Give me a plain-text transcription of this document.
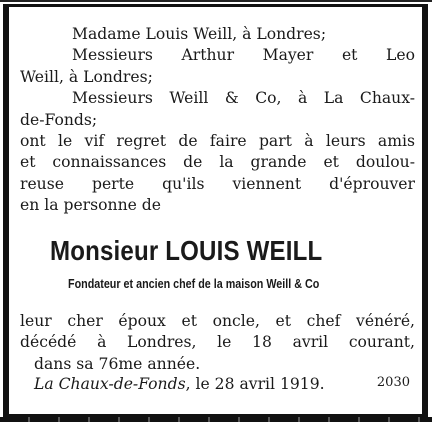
Madame Louis Weill, à Londres;
Messieurs Arthur Mayer et Leo
Weill, à Londres;
Messieurs Weill & Co, à La Chaux-
de-Fonds;
ont le vif regret de faire part à leurs amis
et connaissances de la grande et doulou-
reuse perte qu'ils viennent d'éprouver
en la personne de
Monsieur LOUIS WEILL
Fondateur et ancien chef de la maison Weill & Co
leur cher époux et oncle, et chef vénéré,
décédé à Londres, le 18 avril courant,
dans sa 76me année.
La Chaux-de-Fonds, le 28 avril 1919.	2030
